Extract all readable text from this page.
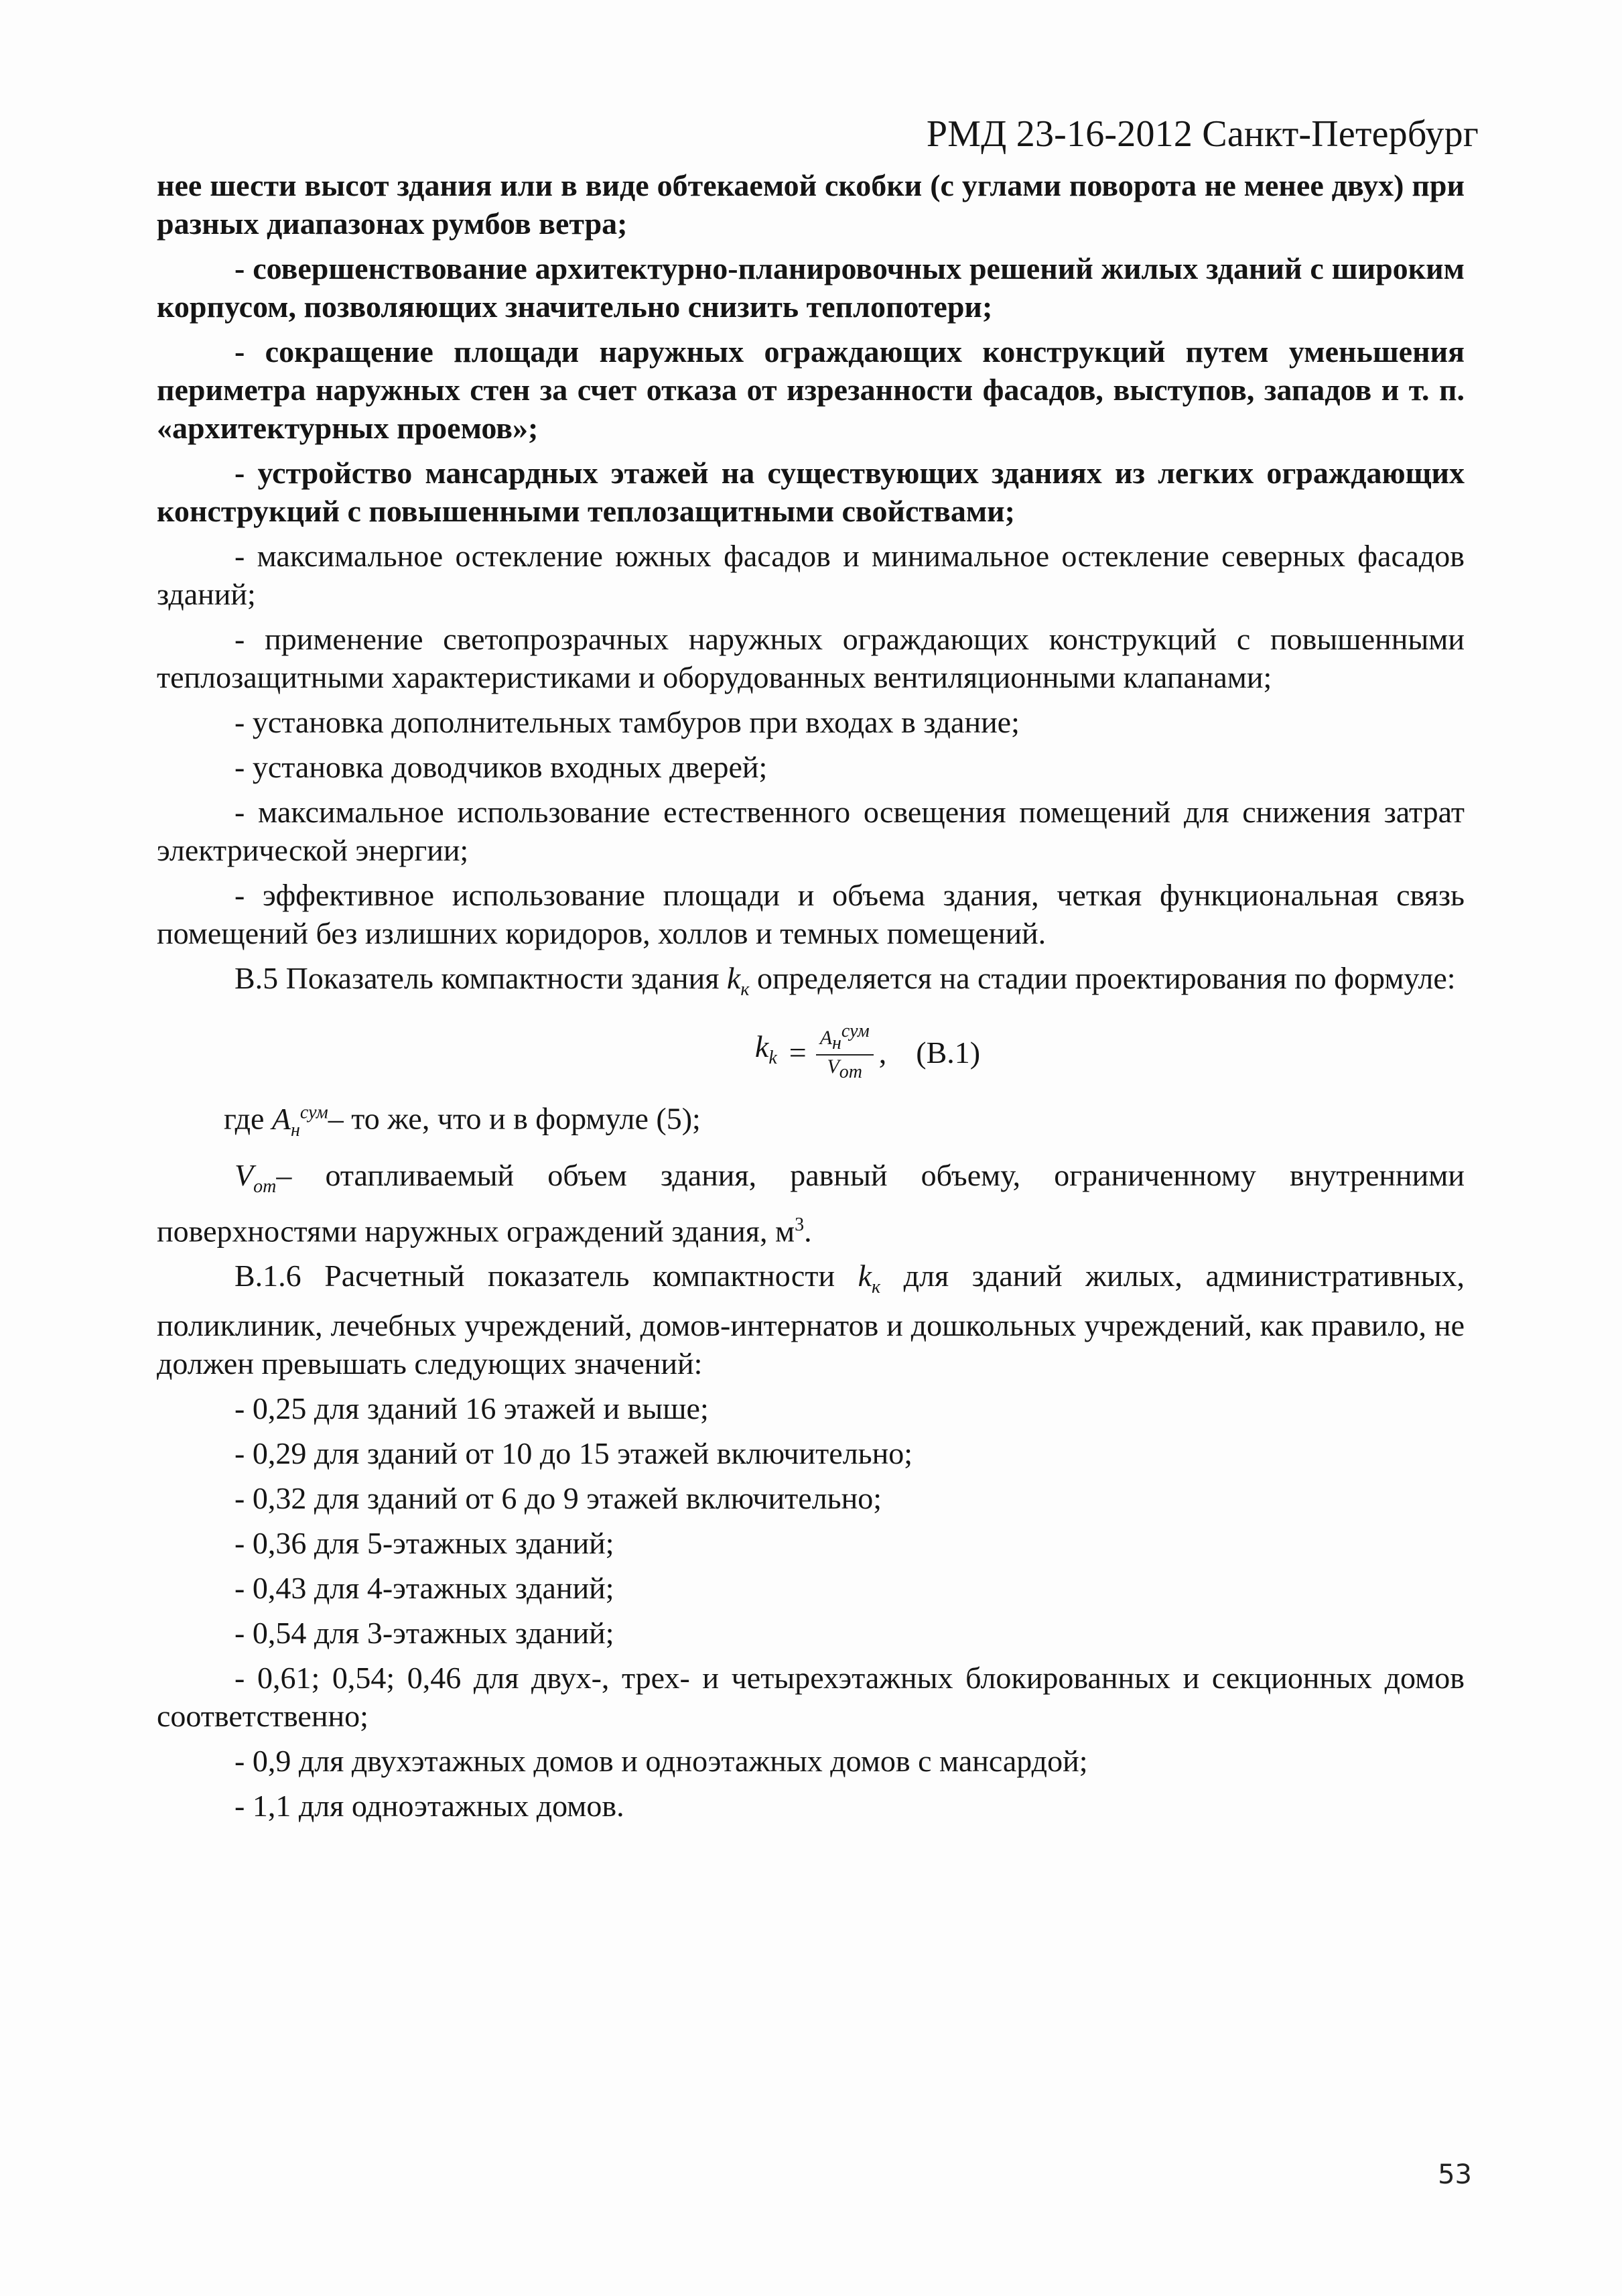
РМД 23-16-2012 Санкт-Петербург

нее шести высот здания или в виде обтекаемой скобки (с углами поворота не менее двух) при разных диапазонах румбов ветра;

- совершенствование архитектурно-планировочных решений жилых зданий с широким корпусом, позволяющих значительно снизить теплопотери;

- сокращение площади наружных ограждающих конструкций путем уменьшения периметра наружных стен за счет отказа от изрезанности фасадов, выступов, западов и т. п. «архитектурных проемов»;

- устройство мансардных этажей на существующих зданиях из легких ограждающих конструкций с повышенными теплозащитными свойствами;

- максимальное остекление южных фасадов и минимальное остекление северных фасадов зданий;

- применение светопрозрачных наружных ограждающих конструкций с повышенными теплозащитными характеристиками и оборудованных вентиляционными клапанами;

- установка дополнительных тамбуров при входах в здание;

- установка доводчиков входных дверей;

- максимальное использование естественного освещения помещений для снижения затрат электрической энергии;

- эффективное использование площади и объема здания, четкая функциональная связь помещений без излишних коридоров, холлов и темных помещений.

В.5 Показатель компактности здания $k_к$ определяется на стадии проектирования по формуле:

$k_k = \frac{A_н^{сум}}{V_{от}}$ , (В.1)

где $A_н^{сум}-$ то же, что и в формуле (5);

$V_{от}-$ отапливаемый объем здания, равный объему, ограниченному внутренними поверхностями наружных ограждений здания, $м^3$.

В.1.6 Расчетный показатель компактности $k_к$ для зданий жилых, административных, поликлиник, лечебных учреждений, домов-интернатов и дошкольных учреждений, как правило, не должен превышать следующих значений:

- 0,25 для зданий 16 этажей и выше;

- 0,29 для зданий от 10 до 15 этажей включительно;

- 0,32 для зданий от 6 до 9 этажей включительно;

- 0,36 для 5-этажных зданий;

- 0,43 для 4-этажных зданий;

- 0,54 для 3-этажных зданий;

- 0,61; 0,54; 0,46 для двух-, трех- и четырехэтажных блокированных и секционных домов соответственно;

- 0,9 для двухэтажных домов и одноэтажных домов с мансардой;

- 1,1 для одноэтажных домов.

53
